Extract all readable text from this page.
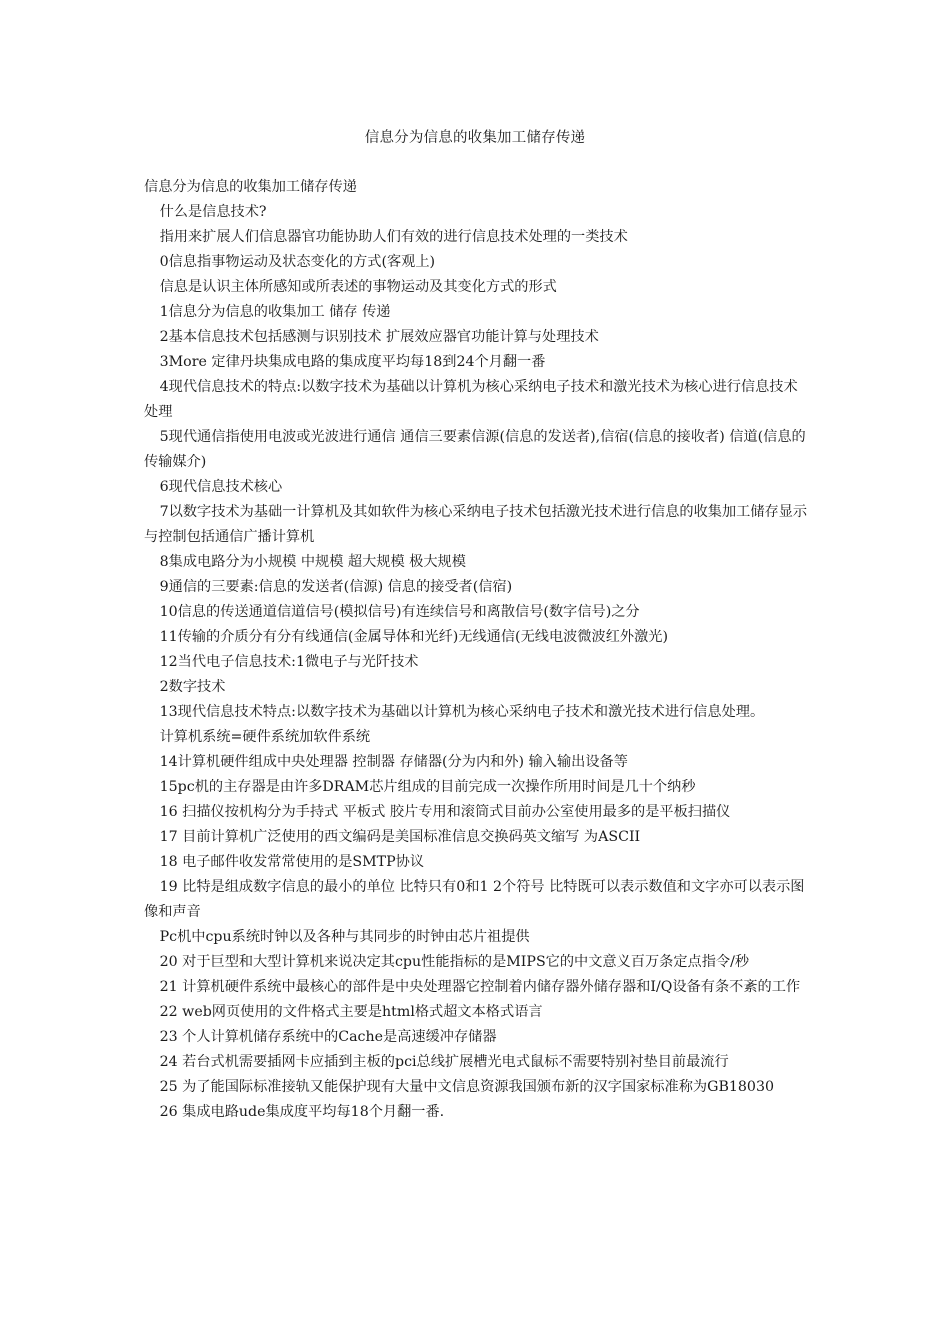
信息分为信息的收集加工储存传递

信息分为信息的收集加工储存传递

什么是信息技术?

指用来扩展人们信息器官功能协助人们有效的进行信息技术处理的一类技术

0信息指事物运动及状态变化的方式(客观上)

信息是认识主体所感知或所表述的事物运动及其变化方式的形式

1信息分为信息的收集加工 储存 传递

2基本信息技术包括感测与识别技术 扩展效应器官功能计算与处理技术

3More 定律丹块集成电路的集成度平均每18到24个月翻一番

4现代信息技术的特点:以数字技术为基础以计算机为核心采纳电子技术和激光技术为核心进行信息技术处理

5现代通信指使用电波或光波进行通信 通信三要素信源(信息的发送者),信宿(信息的接收者) 信道(信息的传输媒介)

6现代信息技术核心

7以数字技术为基础一计算机及其如软件为核心采纳电子技术包括激光技术进行信息的收集加工储存显示与控制包括通信广播计算机

8集成电路分为小规模 中规模 超大规模 极大规模

9通信的三要素:信息的发送者(信源) 信息的接受者(信宿)

10信息的传送通道信道信号(模拟信号)有连续信号和离散信号(数字信号)之分

11传输的介质分有分有线通信(金属导体和光纤)无线通信(无线电波微波红外激光)

12当代电子信息技术:1微电子与光阡技术

2数字技术

13现代信息技术特点:以数字技术为基础以计算机为核心采纳电子技术和激光技术进行信息处理。

计算机系统=硬件系统加软件系统

14计算机硬件组成中央处理器 控制器 存储器(分为内和外) 输入输出设备等

15pc机的主存器是由许多DRAM芯片组成的目前完成一次操作所用时间是几十个纳秒

16 扫描仪按机构分为手持式 平板式 胶片专用和滚筒式目前办公室使用最多的是平板扫描仪

17 目前计算机广泛使用的西文编码是美国标准信息交换码英文缩写 为ASCII

18 电子邮件收发常常使用的是SMTP协议

19 比特是组成数字信息的最小的单位 比特只有0和1 2个符号 比特既可以表示数值和文字亦可以表示图像和声音

Pc机中cpu系统时钟以及各种与其同步的时钟由芯片祖提供

20 对于巨型和大型计算机来说决定其cpu性能指标的是MIPS它的中文意义百万条定点指令/秒

21 计算机硬件系统中最核心的部件是中央处理器它控制着内储存器外储存器和I/Q设备有条不紊的工作

22 web网页使用的文件格式主要是html格式超文本格式语言

23 个人计算机储存系统中的Cache是高速缓冲存储器

24 若台式机需要插网卡应插到主板的pci总线扩展槽光电式鼠标不需要特别衬垫目前最流行

25 为了能国际标准接轨又能保护现有大量中文信息资源我国颁布新的汉字国家标准称为GB18030

26 集成电路ude集成度平均每18个月翻一番.
